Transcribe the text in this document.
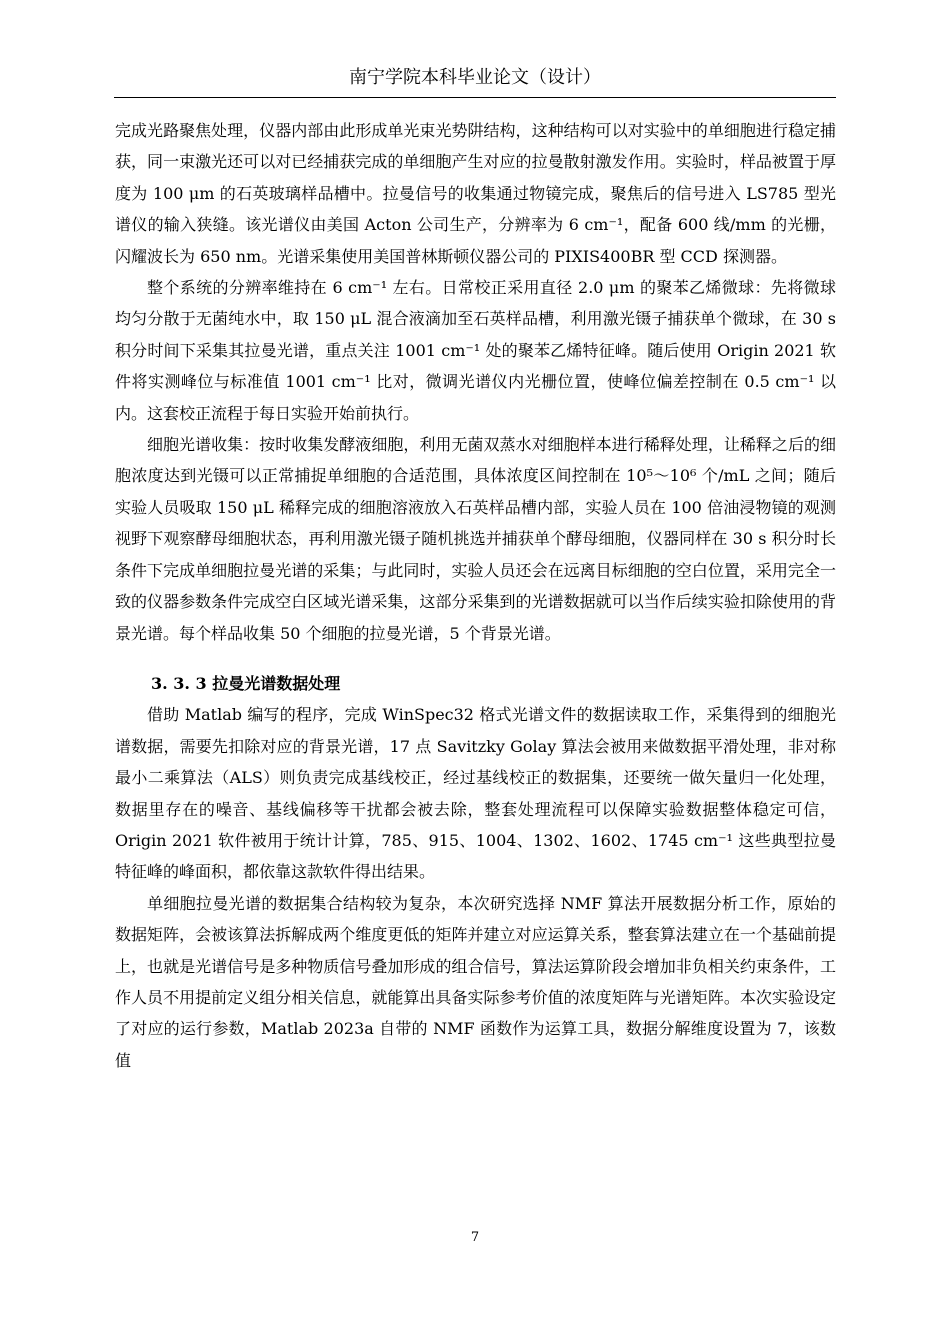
南宁学院本科毕业论文（设计）

完成光路聚焦处理，仪器内部由此形成单光束光势阱结构，这种结构可以对实验中的单细胞进行稳定捕获，同一束激光还可以对已经捕获完成的单细胞产生对应的拉曼散射激发作用。实验时，样品被置于厚度为 100 μm 的石英玻璃样品槽中。拉曼信号的收集通过物镜完成，聚焦后的信号进入 LS785 型光谱仪的输入狭缝。该光谱仪由美国 Acton 公司生产，分辨率为 6 cm⁻¹，配备 600 线/mm 的光栅，闪耀波长为 650 nm。光谱采集使用美国普林斯顿仪器公司的 PIXIS400BR 型 CCD 探测器。

整个系统的分辨率维持在 6 cm⁻¹ 左右。日常校正采用直径 2.0 μm 的聚苯乙烯微球：先将微球均匀分散于无菌纯水中，取 150 μL 混合液滴加至石英样品槽，利用激光镊子捕获单个微球，在 30 s 积分时间下采集其拉曼光谱，重点关注 1001 cm⁻¹ 处的聚苯乙烯特征峰。随后使用 Origin 2021 软件将实测峰位与标准值 1001 cm⁻¹ 比对，微调光谱仪内光栅位置，使峰位偏差控制在 0.5 cm⁻¹ 以内。这套校正流程于每日实验开始前执行。

细胞光谱收集：按时收集发酵液细胞，利用无菌双蒸水对细胞样本进行稀释处理，让稀释之后的细胞浓度达到光镊可以正常捕捉单细胞的合适范围，具体浓度区间控制在 10⁵～10⁶ 个/mL 之间；随后实验人员吸取 150 μL 稀释完成的细胞溶液放入石英样品槽内部，实验人员在 100 倍油浸物镜的观测视野下观察酵母细胞状态，再利用激光镊子随机挑选并捕获单个酵母细胞，仪器同样在 30 s 积分时长条件下完成单细胞拉曼光谱的采集；与此同时，实验人员还会在远离目标细胞的空白位置，采用完全一致的仪器参数条件完成空白区域光谱采集，这部分采集到的光谱数据就可以当作后续实验扣除使用的背景光谱。每个样品收集 50 个细胞的拉曼光谱，5 个背景光谱。

3. 3. 3 拉曼光谱数据处理

借助 Matlab 编写的程序，完成 WinSpec32 格式光谱文件的数据读取工作，采集得到的细胞光谱数据，需要先扣除对应的背景光谱，17 点 Savitzky Golay 算法会被用来做数据平滑处理，非对称最小二乘算法（ALS）则负责完成基线校正，经过基线校正的数据集，还要统一做矢量归一化处理，数据里存在的噪音、基线偏移等干扰都会被去除，整套处理流程可以保障实验数据整体稳定可信，Origin 2021 软件被用于统计计算，785、915、1004、1302、1602、1745 cm⁻¹ 这些典型拉曼特征峰的峰面积，都依靠这款软件得出结果。

单细胞拉曼光谱的数据集合结构较为复杂，本次研究选择 NMF 算法开展数据分析工作，原始的数据矩阵，会被该算法拆解成两个维度更低的矩阵并建立对应运算关系，整套算法建立在一个基础前提上，也就是光谱信号是多种物质信号叠加形成的组合信号，算法运算阶段会增加非负相关约束条件，工作人员不用提前定义组分相关信息，就能算出具备实际参考价值的浓度矩阵与光谱矩阵。本次实验设定了对应的运行参数，Matlab 2023a 自带的 NMF 函数作为运算工具，数据分解维度设置为 7，该数值

7
